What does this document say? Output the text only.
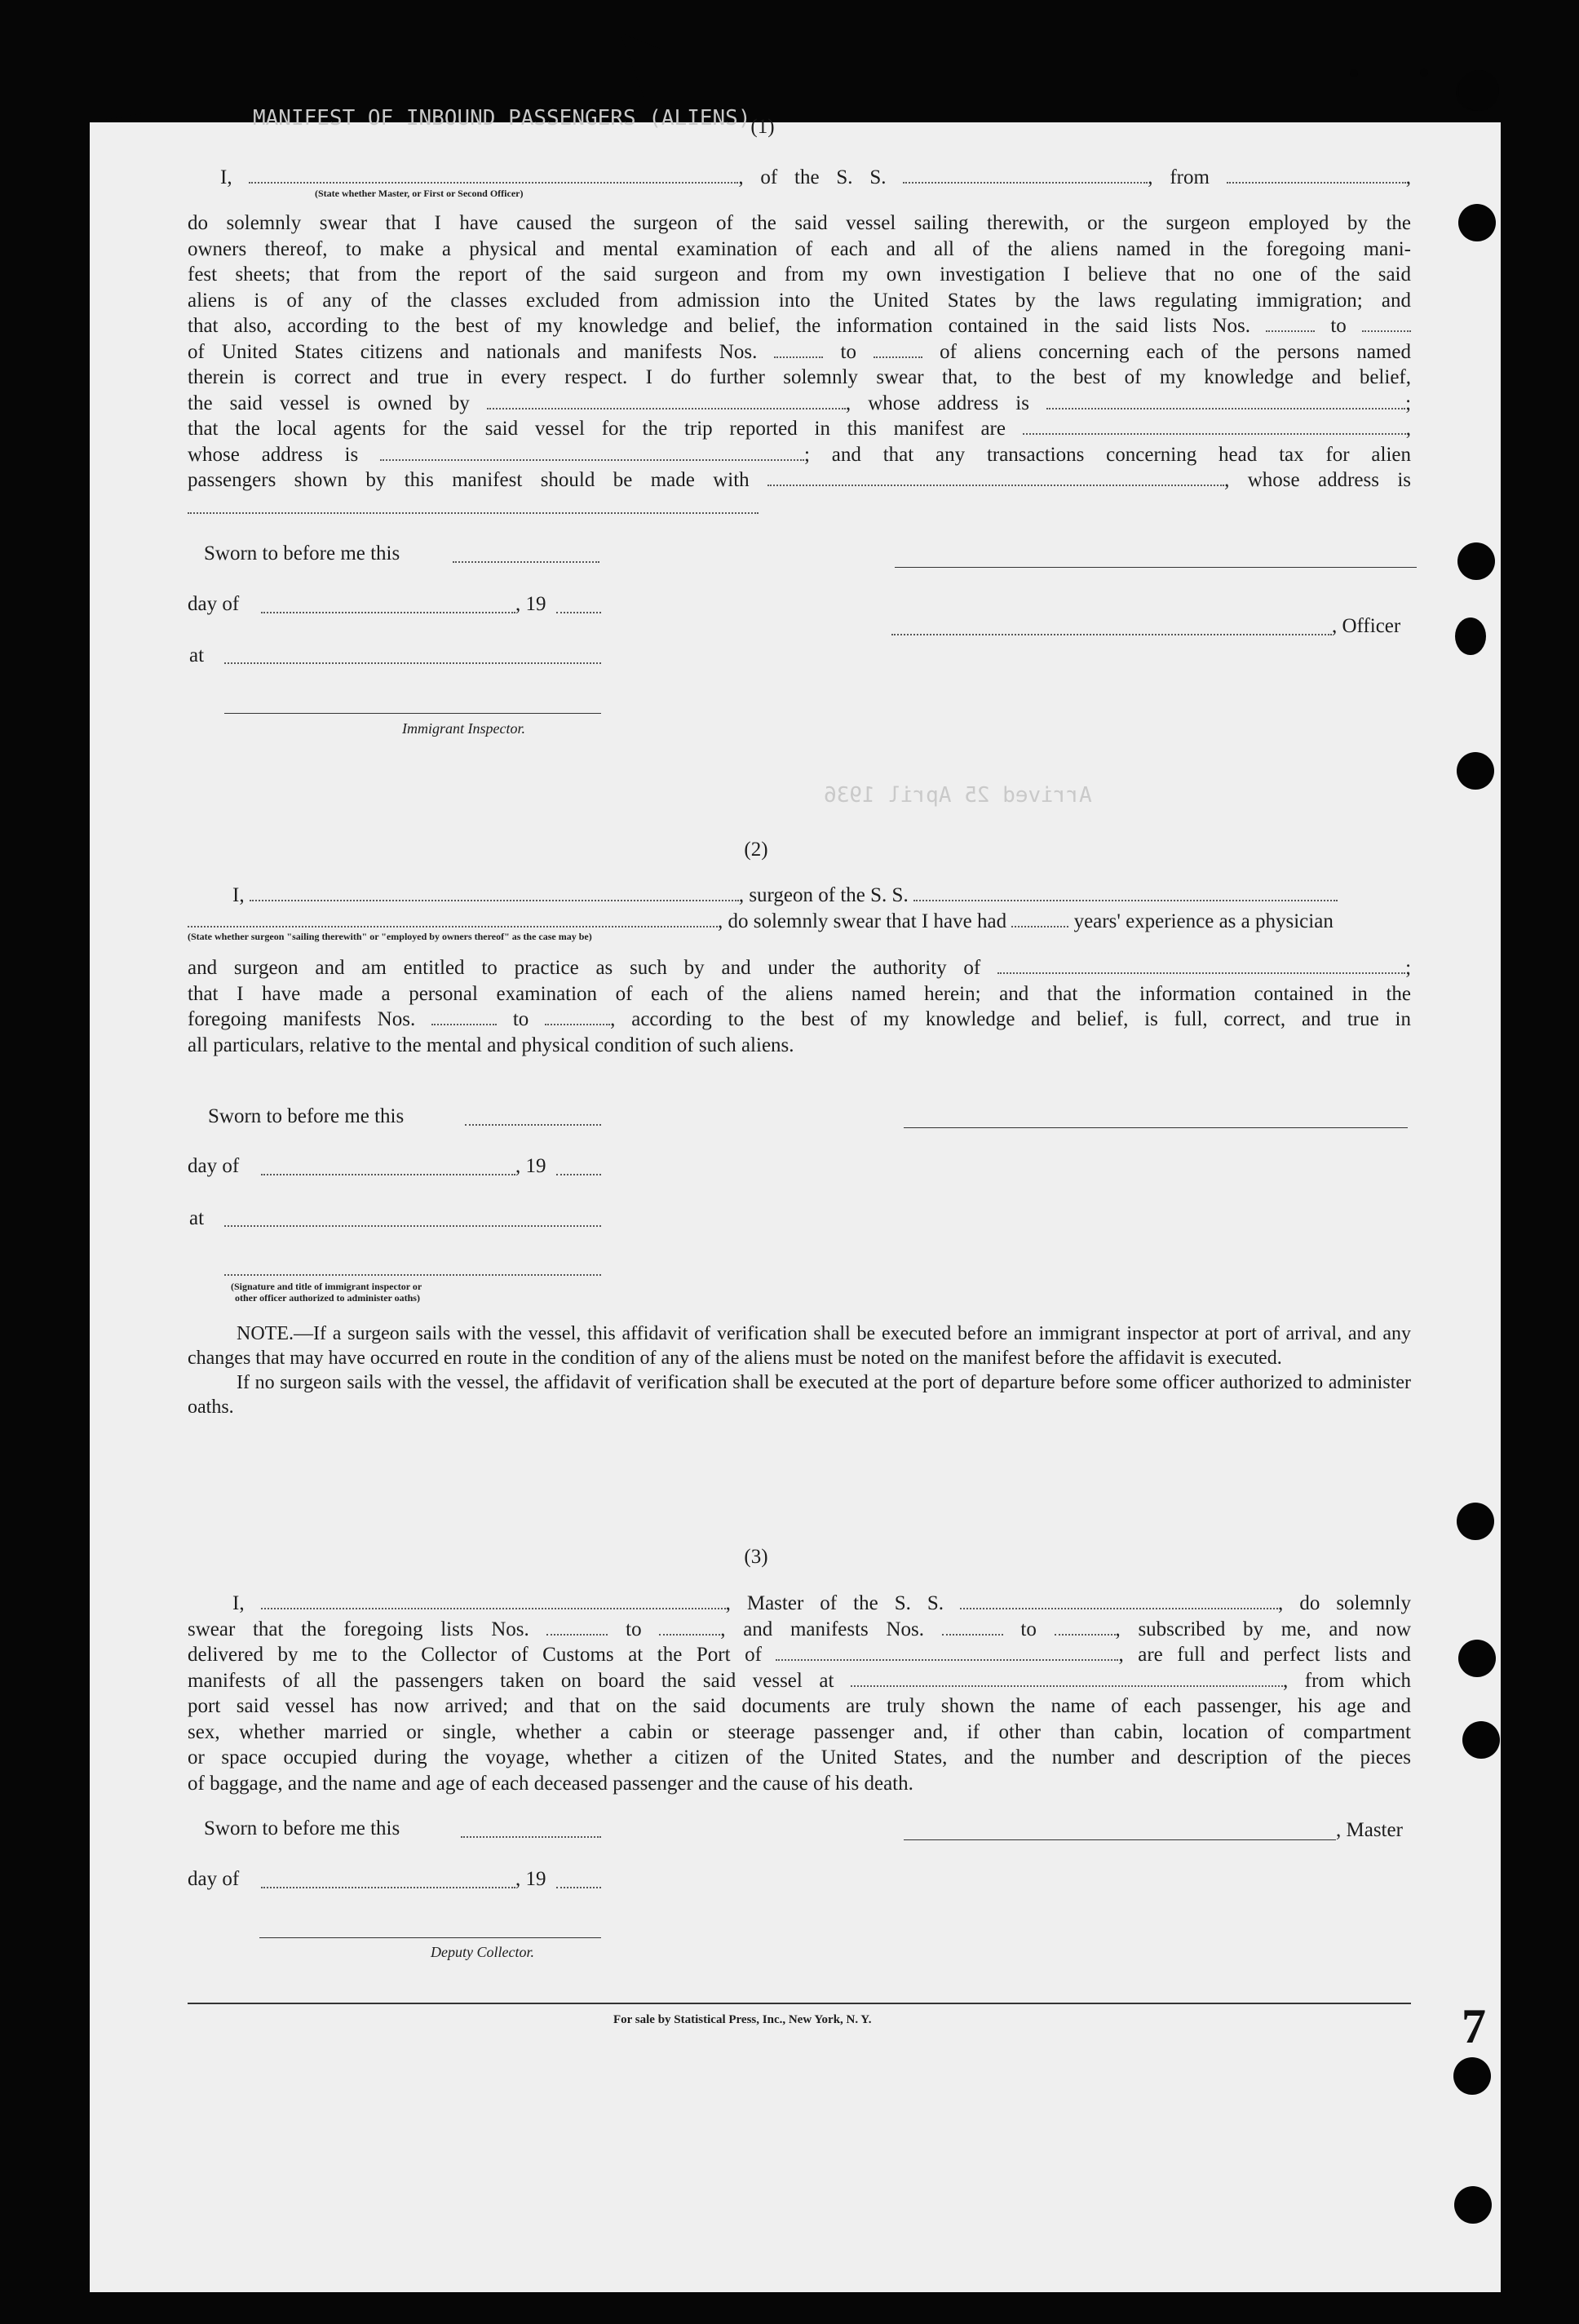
MANIFEST OF INBOUND PASSENGERS (ALIENS)
Arrived 25 April 1936
(1)

I,	, of the S. S.	, from	,

(State whether Master, or First or Second Officer)

do solemnly swear that I have caused the surgeon of the said vessel sailing therewith, or the surgeon employed by the

owners thereof, to make a physical and mental examination of each and all of the aliens named in the foregoing mani-

fest sheets; that from the report of the said surgeon and from my own investigation I believe that no one of the said

aliens is of any of the classes excluded from admission into the United States by the laws regulating immigration; and

that also, according to the best of my knowledge and belief, the information contained in the said lists Nos.	to

of United States citizens and nationals and manifests Nos.	to	of aliens concerning each of the persons named

therein is correct and true in every respect. I do further solemnly swear that, to the best of my knowledge and belief,

the said vessel is owned by	, whose address is	;

that the local agents for the said vessel for the trip reported in this manifest are	,

whose address is	; and that any transactions concerning head tax for alien

passengers shown by this manifest should be made with	, whose address is

Sworn to before me this
day of	, 19
, Officer
at
Immigrant Inspector.
(2)

I,	, surgeon of the S. S.

, do solemnly swear that I have had	years' experience as a physician

(State whether surgeon "sailing therewith" or "employed by owners thereof" as the case may be)

and surgeon and am entitled to practice as such by and under the authority of	;

that I have made a personal examination of each of the aliens named herein; and that the information contained in the

foregoing manifests Nos.	to	, according to the best of my knowledge and belief, is full, correct, and true in

all particulars, relative to the mental and physical condition of such aliens.

Sworn to before me this
day of	, 19
at
(Signature and title of immigrant inspector or
other officer authorized to administer oaths)

NOTE.—If a surgeon sails with the vessel, this affidavit of verification shall be executed before an immigrant inspector at port of arrival, and any changes that may have occurred en route in the condition of any of the aliens must be noted on the manifest before the affidavit is executed.

If no surgeon sails with the vessel, the affidavit of verification shall be executed at the port of departure before some officer authorized to administer oaths.

(3)

I,	, Master of the S. S.	, do solemnly

swear that the foregoing lists Nos.	to	, and manifests Nos.	to	, subscribed by me, and now

delivered by me to the Collector of Customs at the Port of	, are full and perfect lists and

manifests of all the passengers taken on board the said vessel at	, from which

port said vessel has now arrived; and that on the said documents are truly shown the name of each passenger, his age and

sex, whether married or single, whether a cabin or steerage passenger and, if other than cabin, location of compartment

or space occupied during the voyage, whether a citizen of the United States, and the number and description of the pieces

of baggage, and the name and age of each deceased passenger and the cause of his death.

Sworn to before me this	, Master
day of	, 19
Deputy Collector.
For sale by Statistical Press, Inc., New York, N. Y.	7
